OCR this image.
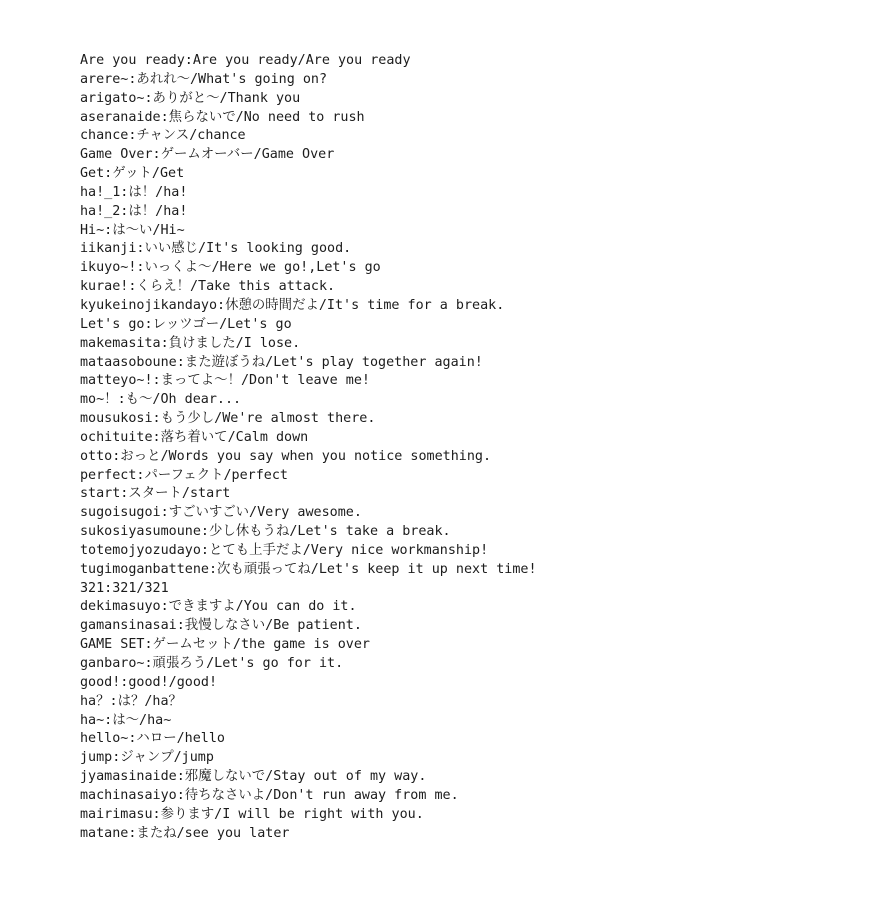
Are you ready:Are you ready/Are you ready
arere~:あれれ〜/What's going on?
arigato~:ありがと〜/Thank you
aseranaide:焦らないで/No need to rush
chance:チャンス/chance
Game Over:ゲームオーバー/Game Over
Get:ゲット/Get
ha!_1:は！/ha!
ha!_2:は！/ha!
Hi~:は〜い/Hi~
iikanji:いい感じ/It's looking good.
ikuyo~!:いっくよ〜/Here we go!,Let's go
kurae!:くらえ！/Take this attack.
kyukeinojikandayo:休憩の時間だよ/It's time for a break.
Let's go:レッツゴー/Let's go
makemasita:負けました/I lose.
mataasoboune:また遊ぼうね/Let's play together again!
matteyo~!:まってよ〜！/Don't leave me!
mo~！:も〜/Oh dear...
mousukosi:もう少し/We're almost there.
ochituite:落ち着いて/Calm down
otto:おっと/Words you say when you notice something.
perfect:パーフェクト/perfect
start:スタート/start
sugoisugoi:すごいすごい/Very awesome.
sukosiyasumoune:少し休もうね/Let's take a break.
totemojyozudayo:とても上手だよ/Very nice workmanship!
tugimoganbattene:次も頑張ってね/Let's keep it up next time!
321:321/321
dekimasuyo:できますよ/You can do it.
gamansinasai:我慢しなさい/Be patient.
GAME SET:ゲームセット/the game is over
ganbaro~:頑張ろう/Let's go for it.
good!:good!/good!
ha？:は？/ha？
ha~:は〜/ha~
hello~:ハロー/hello
jump:ジャンプ/jump
jyamasinaide:邪魔しないで/Stay out of my way.
machinasaiyo:待ちなさいよ/Don't run away from me.
mairimasu:参ります/I will be right with you.
matane:またね/see you later
